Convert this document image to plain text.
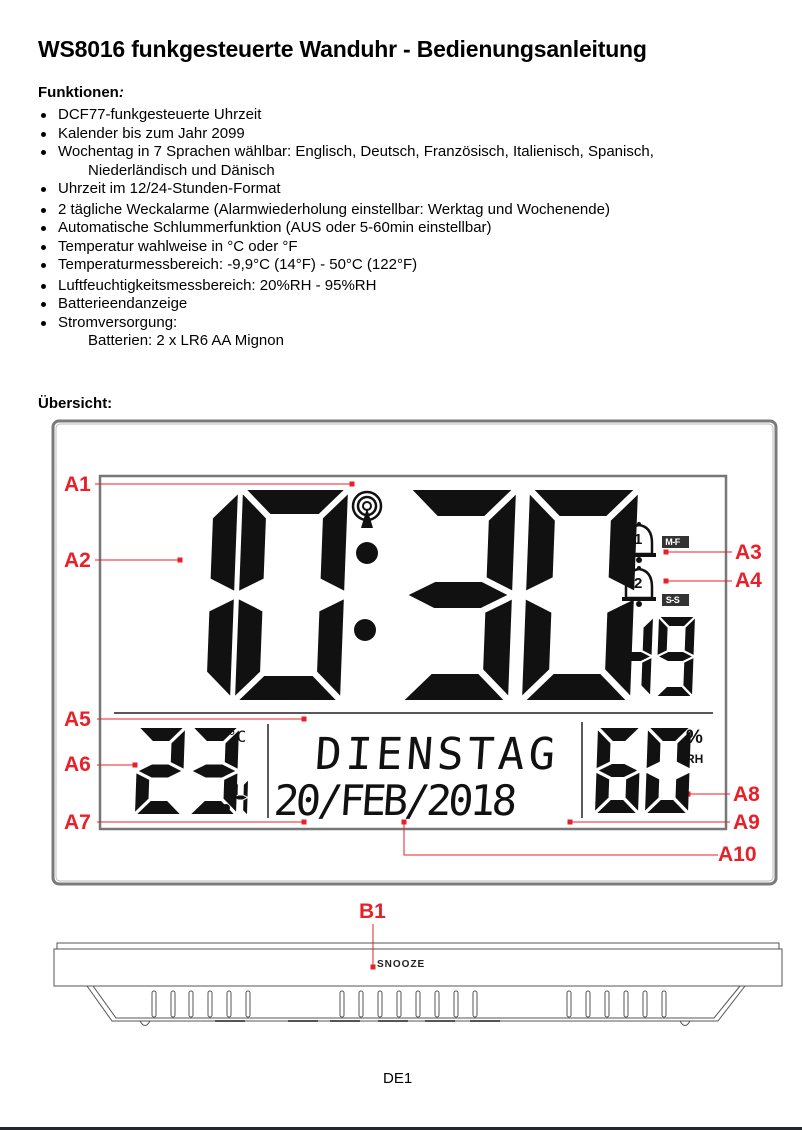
WS8016 funkgesteuerte Wanduhr - Bedienungsanleitung
Funktionen:
DCF77-funkgesteuerte Uhrzeit
Kalender bis zum Jahr 2099
Wochentag in 7 Sprachen wählbar: Englisch, Deutsch, Französisch, Italienisch, Spanisch,
Niederländisch und Dänisch
Uhrzeit im 12/24-Stunden-Format
2 tägliche Weckalarme (Alarmwiederholung einstellbar: Werktag und Wochenende)
Automatische Schlummerfunktion (AUS oder 5-60min einstellbar)
Temperatur wahlweise in °C oder °F
Temperaturmessbereich: -9,9°C (14°F) - 50°C (122°F)
Luftfeuchtigkeitsmessbereich: 20%RH - 95%RH
Batterieendanzeige
Stromversorgung:
Batterien: 2 x LR6 AA Mignon
Übersicht:
DIENSTAG
20/FEB/2018
M-F
S-S
1
2
%
RH
°C
A1
A2	A3
A4
A5
A6
A7
A8
A9
A10
B1
SNOOZE
DE1
